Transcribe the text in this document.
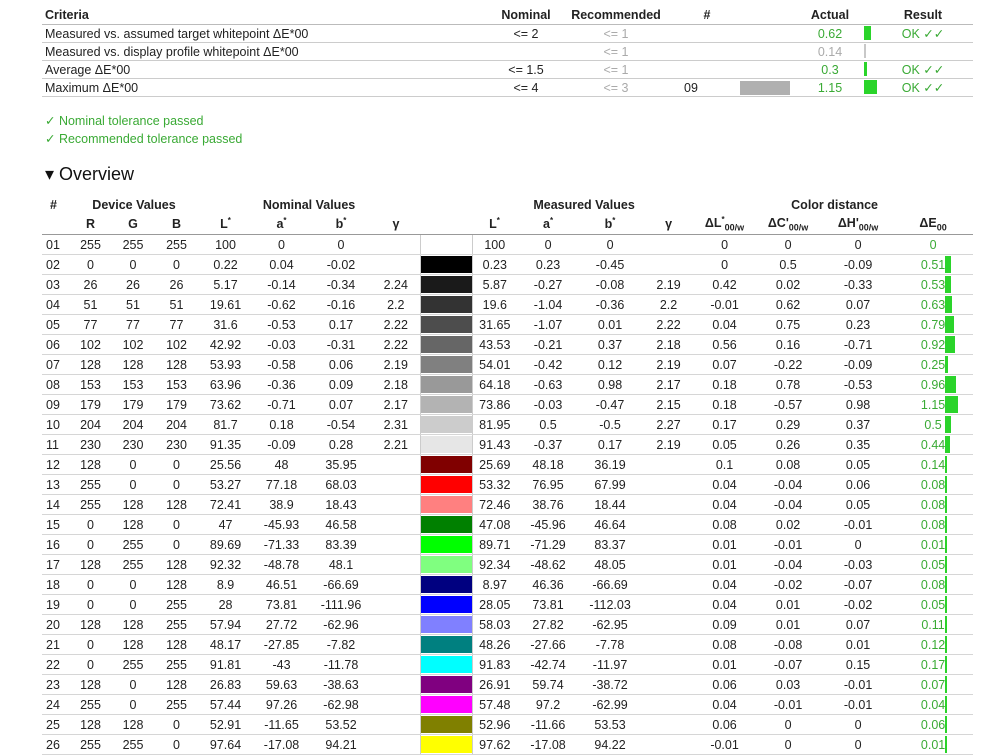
Criteria	Nominal	Recommended	#		Actual	Result
Measured vs. assumed target whitepoint ΔE*00	<= 2	<= 1			0.62	OK ✓✓
Measured vs. display profile whitepoint ΔE*00		<= 1			0.14

Average ΔE*00	<= 1.5	<= 1			0.3	OK ✓✓
Maximum ΔE*00	<= 4	<= 3	09		1.15	OK ✓✓
✓ Nominal tolerance passed
✓ Recommended tolerance passed
▾ Overview
#	Device Values			Nominal Values					Measured Values				Color distance			
	R	G	B	L*	a*	b*	γ		L*	a*	b*	γ	$\Delta L^*_{00/w}$	$\Delta C'_{00/w}$	$\Delta H'_{00/w}$	$\Delta E_{00}$
01	255	255	255	100	0	0			100	0	0		0	0	0	0
02	0	0	0	0.22	0.04	-0.02			0.23	0.23	-0.45		0	0.5	-0.09	0.51

03	26	26	26	5.17	-0.14	-0.34	2.24		5.87	-0.27	-0.08	2.19	0.42	0.02	-0.33	0.53

04	51	51	51	19.61	-0.62	-0.16	2.2		19.6	-1.04	-0.36	2.2	-0.01	0.62	0.07	0.63

05	77	77	77	31.6	-0.53	0.17	2.22		31.65	-1.07	0.01	2.22	0.04	0.75	0.23	0.79

06	102	102	102	42.92	-0.03	-0.31	2.22		43.53	-0.21	0.37	2.18	0.56	0.16	-0.71	0.92

07	128	128	128	53.93	-0.58	0.06	2.19		54.01	-0.42	0.12	2.19	0.07	-0.22	-0.09	0.25

08	153	153	153	63.96	-0.36	0.09	2.18		64.18	-0.63	0.98	2.17	0.18	0.78	-0.53	0.96

09	179	179	179	73.62	-0.71	0.07	2.17		73.86	-0.03	-0.47	2.15	0.18	-0.57	0.98	1.15

10	204	204	204	81.7	0.18	-0.54	2.31		81.95	0.5	-0.5	2.27	0.17	0.29	0.37	0.5

11	230	230	230	91.35	-0.09	0.28	2.21		91.43	-0.37	0.17	2.19	0.05	0.26	0.35	0.44

12	128	0	0	25.56	48	35.95			25.69	48.18	36.19		0.1	0.08	0.05	0.14

13	255	0	0	53.27	77.18	68.03			53.32	76.95	67.99		0.04	-0.04	0.06	0.08

14	255	128	128	72.41	38.9	18.43			72.46	38.76	18.44		0.04	-0.04	0.05	0.08

15	0	128	0	47	-45.93	46.58			47.08	-45.96	46.64		0.08	0.02	-0.01	0.08

16	0	255	0	89.69	-71.33	83.39			89.71	-71.29	83.37		0.01	-0.01	0	0.01

17	128	255	128	92.32	-48.78	48.1			92.34	-48.62	48.05		0.01	-0.04	-0.03	0.05

18	0	0	128	8.9	46.51	-66.69			8.97	46.36	-66.69		0.04	-0.02	-0.07	0.08

19	0	0	255	28	73.81	-111.96			28.05	73.81	-112.03		0.04	0.01	-0.02	0.05

20	128	128	255	57.94	27.72	-62.96			58.03	27.82	-62.95		0.09	0.01	0.07	0.11

21	0	128	128	48.17	-27.85	-7.82			48.26	-27.66	-7.78		0.08	-0.08	0.01	0.12

22	0	255	255	91.81	-43	-11.78			91.83	-42.74	-11.97		0.01	-0.07	0.15	0.17

23	128	0	128	26.83	59.63	-38.63			26.91	59.74	-38.72		0.06	0.03	-0.01	0.07

24	255	0	255	57.44	97.26	-62.98			57.48	97.2	-62.99		0.04	-0.01	-0.01	0.04

25	128	128	0	52.91	-11.65	53.52			52.96	-11.66	53.53		0.06	0	0	0.06

26	255	255	0	97.64	-17.08	94.21			97.62	-17.08	94.22		-0.01	0	0	0.01
